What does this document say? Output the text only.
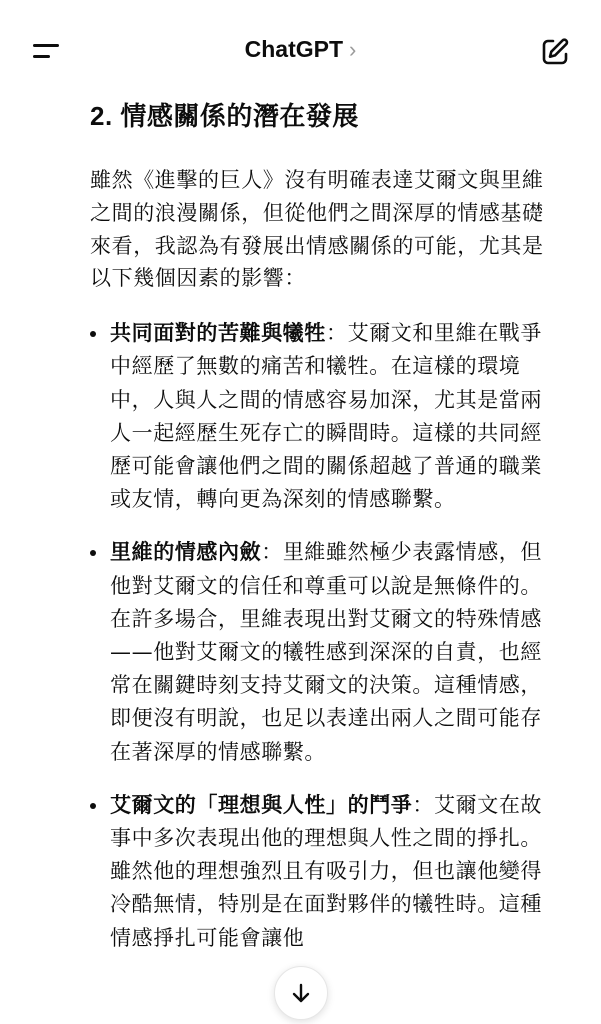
ChatGPT ›
2. 情感關係的潛在發展

雖然《進擊的巨人》沒有明確表達艾爾文與里維之間的浪漫關係，但從他們之間深厚的情感基礎來看，我認為有發展出情感關係的可能，尤其是以下幾個因素的影響：

共同面對的苦難與犧牲：艾爾文和里維在戰爭中經歷了無數的痛苦和犧牲。在這樣的環境中，人與人之間的情感容易加深，尤其是當兩人一起經歷生死存亡的瞬間時。這樣的共同經歷可能會讓他們之間的關係超越了普通的職業或友情，轉向更為深刻的情感聯繫。
里維的情感內斂：里維雖然極少表露情感，但他對艾爾文的信任和尊重可以說是無條件的。在許多場合，里維表現出對艾爾文的特殊情感——他對艾爾文的犧牲感到深深的自責，也經常在關鍵時刻支持艾爾文的決策。這種情感，即便沒有明說，也足以表達出兩人之間可能存在著深厚的情感聯繫。
艾爾文的「理想與人性」的鬥爭：艾爾文在故事中多次表現出他的理想與人性之間的掙扎。雖然他的理想強烈且有吸引力，但也讓他變得冷酷無情，特別是在面對夥伴的犧牲時。這種情感掙扎可能會讓他
